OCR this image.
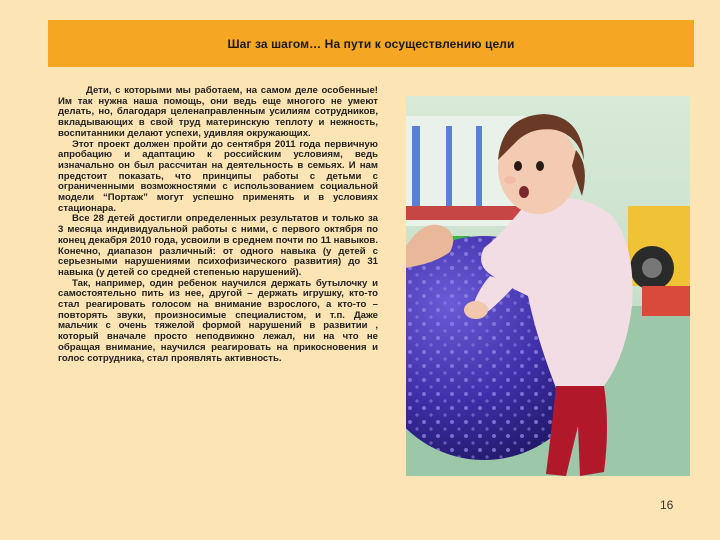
Шаг за шагом… На пути к осуществлению цели

Дети, с которыми мы работаем, на самом деле особенные! Им так нужна наша помощь, они ведь еще многого не умеют делать, но, благодаря целенаправленным усилиям сотрудников, вкладывающих в свой труд материнскую теплоту и нежность, воспитанники делают успехи, удивляя окружающих.

Этот проект должен пройти до сентября 2011 года первичную апробацию и адаптацию к российским условиям, ведь изначально он был рассчитан на деятельность в семьях. И нам предстоит показать, что принципы работы с детьми с ограниченными возможностями с использованием социальной модели “Портаж” могут успешно применять и в условиях стационара.

Все 28 детей достигли определенных результатов и только за 3 месяца индивидуальной работы с ними, с первого октября по конец декабря 2010 года, усвоили в среднем почти по 11 навыков. Конечно, диапазон различный: от одного навыка (у детей с серьезными нарушениями психофизического развития) до 31 навыка (у детей со средней степенью нарушений).

Так, например, один ребенок научился держать бутылочку и самостоятельно пить из нее, другой – держать игрушку, кто-то стал реагировать голосом на внимание взрослого, а кто-то – повторять звуки, произносимые специалистом, и т.п. Даже мальчик с очень тяжелой формой нарушений в развитии , который вначале просто неподвижно лежал, ни на что не обращая внимание, научился реагировать на прикосновения и голос сотрудника, стал проявлять активность.

16
